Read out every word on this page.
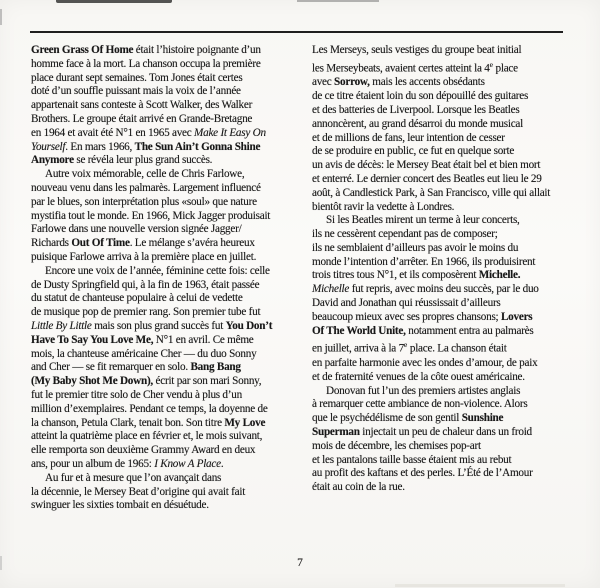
Green Grass Of Home était l’histoire poignante d’un
homme face à la mort. La chanson occupa la première
place durant sept semaines. Tom Jones était certes
doté d’un souffle puissant mais la voix de l’année
appartenait sans conteste à Scott Walker, des Walker
Brothers. Le groupe était arrivé en Grande-Bretagne
en 1964 et avait été N°1 en 1965 avec Make It Easy On
Yourself. En mars 1966, The Sun Ain’t Gonna Shine
Anymore se révéla leur plus grand succès.
Autre voix mémorable, celle de Chris Farlowe,
nouveau venu dans les palmarès. Largement influencé
par le blues, son interprétation plus «soul» que nature
mystifia tout le monde. En 1966, Mick Jagger produisait
Farlowe dans une nouvelle version signée Jagger/
Richards Out Of Time. Le mélange s’avéra heureux
puisique Farlowe arriva à la première place en juillet.
Encore une voix de l’année, féminine cette fois: celle
de Dusty Springfield qui, à la fin de 1963, était passée
du statut de chanteuse populaire à celui de vedette
de musique pop de premier rang. Son premier tube fut
Little By Little mais son plus grand succès fut You Don’t
Have To Say You Love Me, N°1 en avril. Ce même
mois, la chanteuse américaine Cher — du duo Sonny
and Cher — se fit remarquer en solo. Bang Bang
(My Baby Shot Me Down), écrit par son mari Sonny,
fut le premier titre solo de Cher vendu à plus d’un
million d’exemplaires. Pendant ce temps, la doyenne de
la chanson, Petula Clark, tenait bon. Son titre My Love
atteint la quatrième place en février et, le mois suivant,
elle remporta son deuxième Grammy Award en deux
ans, pour un album de 1965: I Know A Place.
Au fur et à mesure que l’on avançait dans
la décennie, le Mersey Beat d’origine qui avait fait
swinguer les sixties tombait en désuétude.
Les Merseys, seuls vestiges du groupe beat initial
les Merseybeats, avaient certes atteint la 4e place
avec Sorrow, mais les accents obsédants
de ce titre étaient loin du son dépouillé des guitares
et des batteries de Liverpool. Lorsque les Beatles
annoncèrent, au grand désarroi du monde musical
et de millions de fans, leur intention de cesser
de se produire en public, ce fut en quelque sorte
un avis de décès: le Mersey Beat était bel et bien mort
et enterré. Le dernier concert des Beatles eut lieu le 29
août, à Candlestick Park, à San Francisco, ville qui allait
bientôt ravir la vedette à Londres.
Si les Beatles mirent un terme à leur concerts,
ils ne cessèrent cependant pas de composer;
ils ne semblaient d’ailleurs pas avoir le moins du
monde l’intention d’arrêter. En 1966, ils produisirent
trois titres tous N°1, et ils composèrent Michelle.
Michelle fut repris, avec moins deu succès, par le duo
David and Jonathan qui réussissait d’ailleurs
beaucoup mieux avec ses propres chansons; Lovers
Of The World Unite, notamment entra au palmarès
en juillet, arriva à la 7e place. La chanson était
en parfaite harmonie avec les ondes d’amour, de paix
et de fraternité venues de la côte ouest américaine.
Donovan fut l’un des premiers artistes anglais
à remarquer cette ambiance de non-violence. Alors
que le psychédélisme de son gentil Sunshine
Superman injectait un peu de chaleur dans un froid
mois de décembre, les chemises pop-art
et les pantalons taille basse étaient mis au rebut
au profit des kaftans et des perles. L’Été de l’Amour
était au coin de la rue.
7
